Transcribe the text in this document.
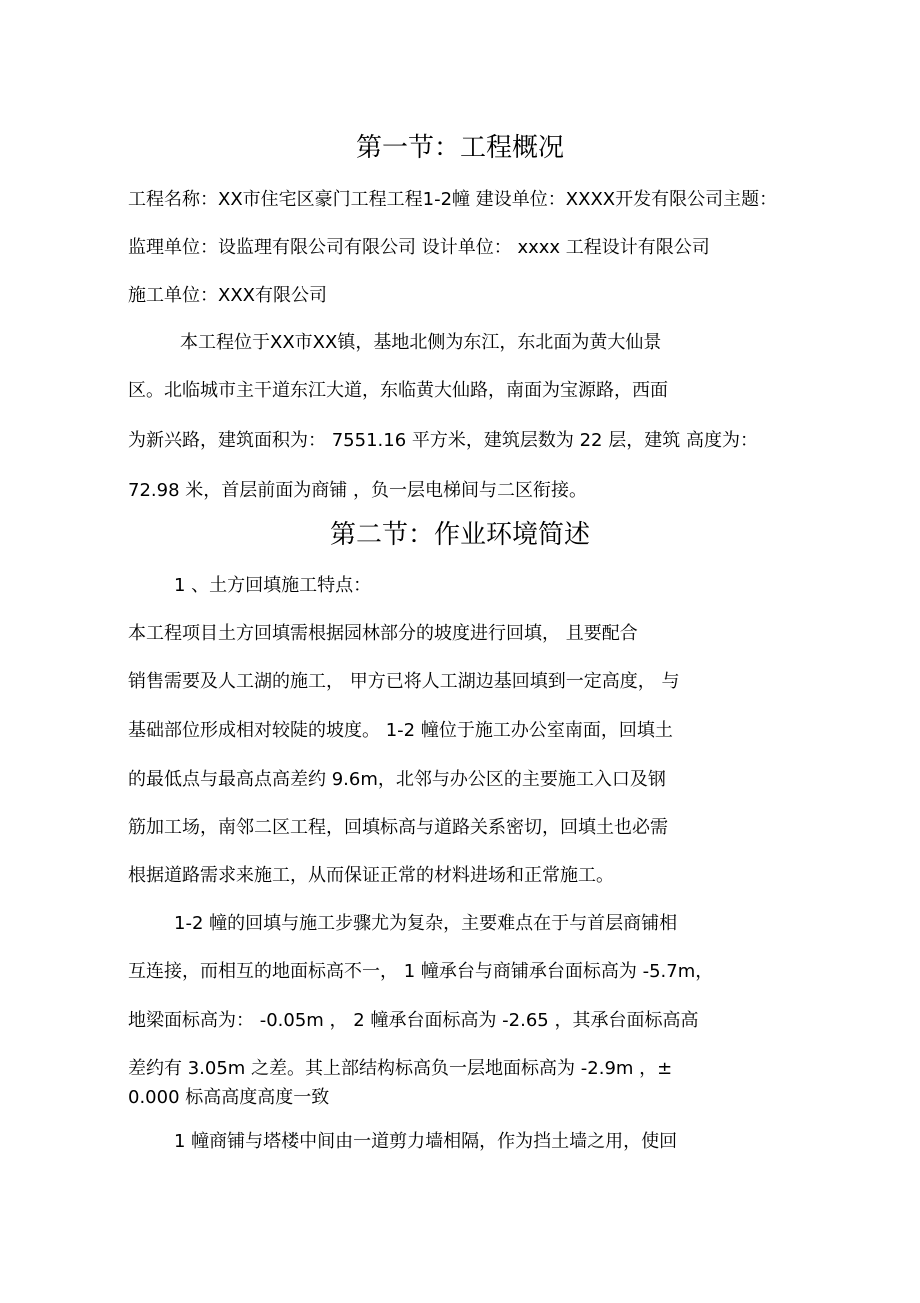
第一节：工程概况
工程名称：XX市住宅区豪门工程工程1-2幢 建设单位：XXXX开发有限公司主题：
监理单位：设监理有限公司有限公司 设计单位： xxxx 工程设计有限公司
施工单位：XXX有限公司
本工程位于XX市XX镇，基地北侧为东江，东北面为黄大仙景
区。北临城市主干道东江大道，东临黄大仙路，南面为宝源路，西面
为新兴路，建筑面积为： 7551.16 平方米，建筑层数为 22 层，建筑 高度为：
72.98 米，首层前面为商铺 ，负一层电梯间与二区衔接。
第二节：作业环境简述
1 、土方回填施工特点：
本工程项目土方回填需根据园林部分的坡度进行回填， 且要配合
销售需要及人工湖的施工， 甲方已将人工湖边基回填到一定高度， 与
基础部位形成相对较陡的坡度。 1-2 幢位于施工办公室南面，回填土
的最低点与最高点高差约 9.6m，北邻与办公区的主要施工入口及钢
筋加工场，南邻二区工程，回填标高与道路关系密切，回填土也必需
根据道路需求来施工，从而保证正常的材料进场和正常施工。
1-2 幢的回填与施工步骤尤为复杂，主要难点在于与首层商铺相
互连接，而相互的地面标高不一， 1 幢承台与商铺承台面标高为 -5.7m，
地梁面标高为： -0.05m ， 2 幢承台面标高为 -2.65 ，其承台面标高高
差约有 3.05m 之差。其上部结构标高负一层地面标高为 -2.9m ，±
0.000 标高高度高度一致
1 幢商铺与塔楼中间由一道剪力墙相隔，作为挡土墙之用，使回
